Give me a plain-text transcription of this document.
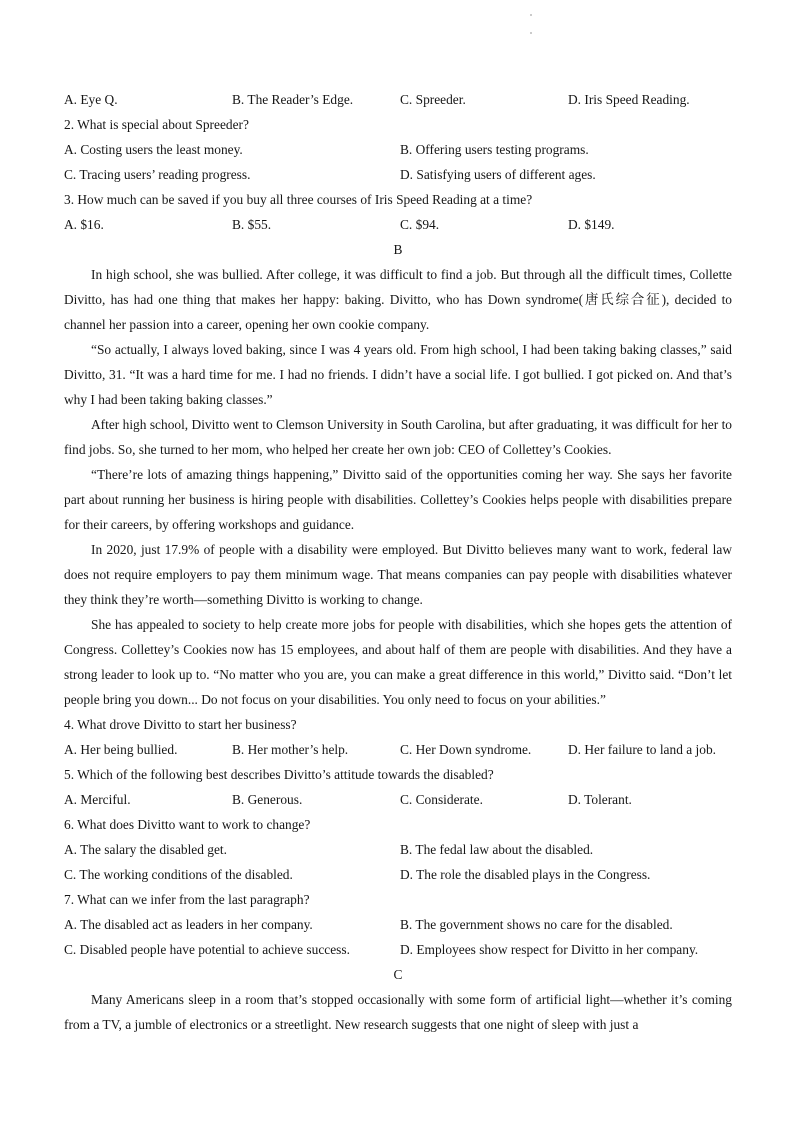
A. Eye Q.	B. The Reader’s Edge.	C. Spreeder.	D. Iris Speed Reading.
2. What is special about Spreeder?
A. Costing users the least money.	B. Offering users testing programs.
C. Tracing users’ reading progress.	D. Satisfying users of different ages.
3. How much can be saved if you buy all three courses of Iris Speed Reading at a time?
A. $16.	B. $55.	C. $94.	D. $149.
B

In high school, she was bullied. After college, it was difficult to find a job. But through all the difficult times, Collette Divitto, has had one thing that makes her happy: baking. Divitto, who has Down syndrome(唐氏综合征), decided to channel her passion into a career, opening her own cookie company.

“So actually, I always loved baking, since I was 4 years old. From high school, I had been taking baking classes,” said Divitto, 31. “It was a hard time for me. I had no friends. I didn’t have a social life. I got bullied. I got picked on. And that’s why I had been taking baking classes.”

After high school, Divitto went to Clemson University in South Carolina, but after graduating, it was difficult for her to find jobs. So, she turned to her mom, who helped her create her own job: CEO of Collettey’s Cookies.

“There’re lots of amazing things happening,” Divitto said of the opportunities coming her way. She says her favorite part about running her business is hiring people with disabilities. Collettey’s Cookies helps people with disabilities prepare for their careers, by offering workshops and guidance.

In 2020, just 17.9% of people with a disability were employed. But Divitto believes many want to work, federal law does not require employers to pay them minimum wage. That means companies can pay people with disabilities whatever they think they’re worth—something Divitto is working to change.

She has appealed to society to help create more jobs for people with disabilities, which she hopes gets the attention of Congress. Collettey’s Cookies now has 15 employees, and about half of them are people with disabilities. And they have a strong leader to look up to. “No matter who you are, you can make a great difference in this world,” Divitto said. “Don’t let people bring you down... Do not focus on your disabilities. You only need to focus on your abilities.”

4. What drove Divitto to start her business?
A. Her being bullied.	B. Her mother’s help.	C. Her Down syndrome.	D. Her failure to land a job.
5. Which of the following best describes Divitto’s attitude towards the disabled?
A. Merciful.	B. Generous.	C. Considerate.	D. Tolerant.
6. What does Divitto want to work to change?
A. The salary the disabled get.	B. The fedal law about the disabled.
C. The working conditions of the disabled.	D. The role the disabled plays in the Congress.
7. What can we infer from the last paragraph?
A. The disabled act as leaders in her company.	B. The government shows no care for the disabled.
C. Disabled people have potential to achieve success.	D. Employees show respect for Divitto in her company.
C

Many Americans sleep in a room that’s stopped occasionally with some form of artificial light—whether it’s coming from a TV, a jumble of electronics or a streetlight. New research suggests that one night of sleep with just a
